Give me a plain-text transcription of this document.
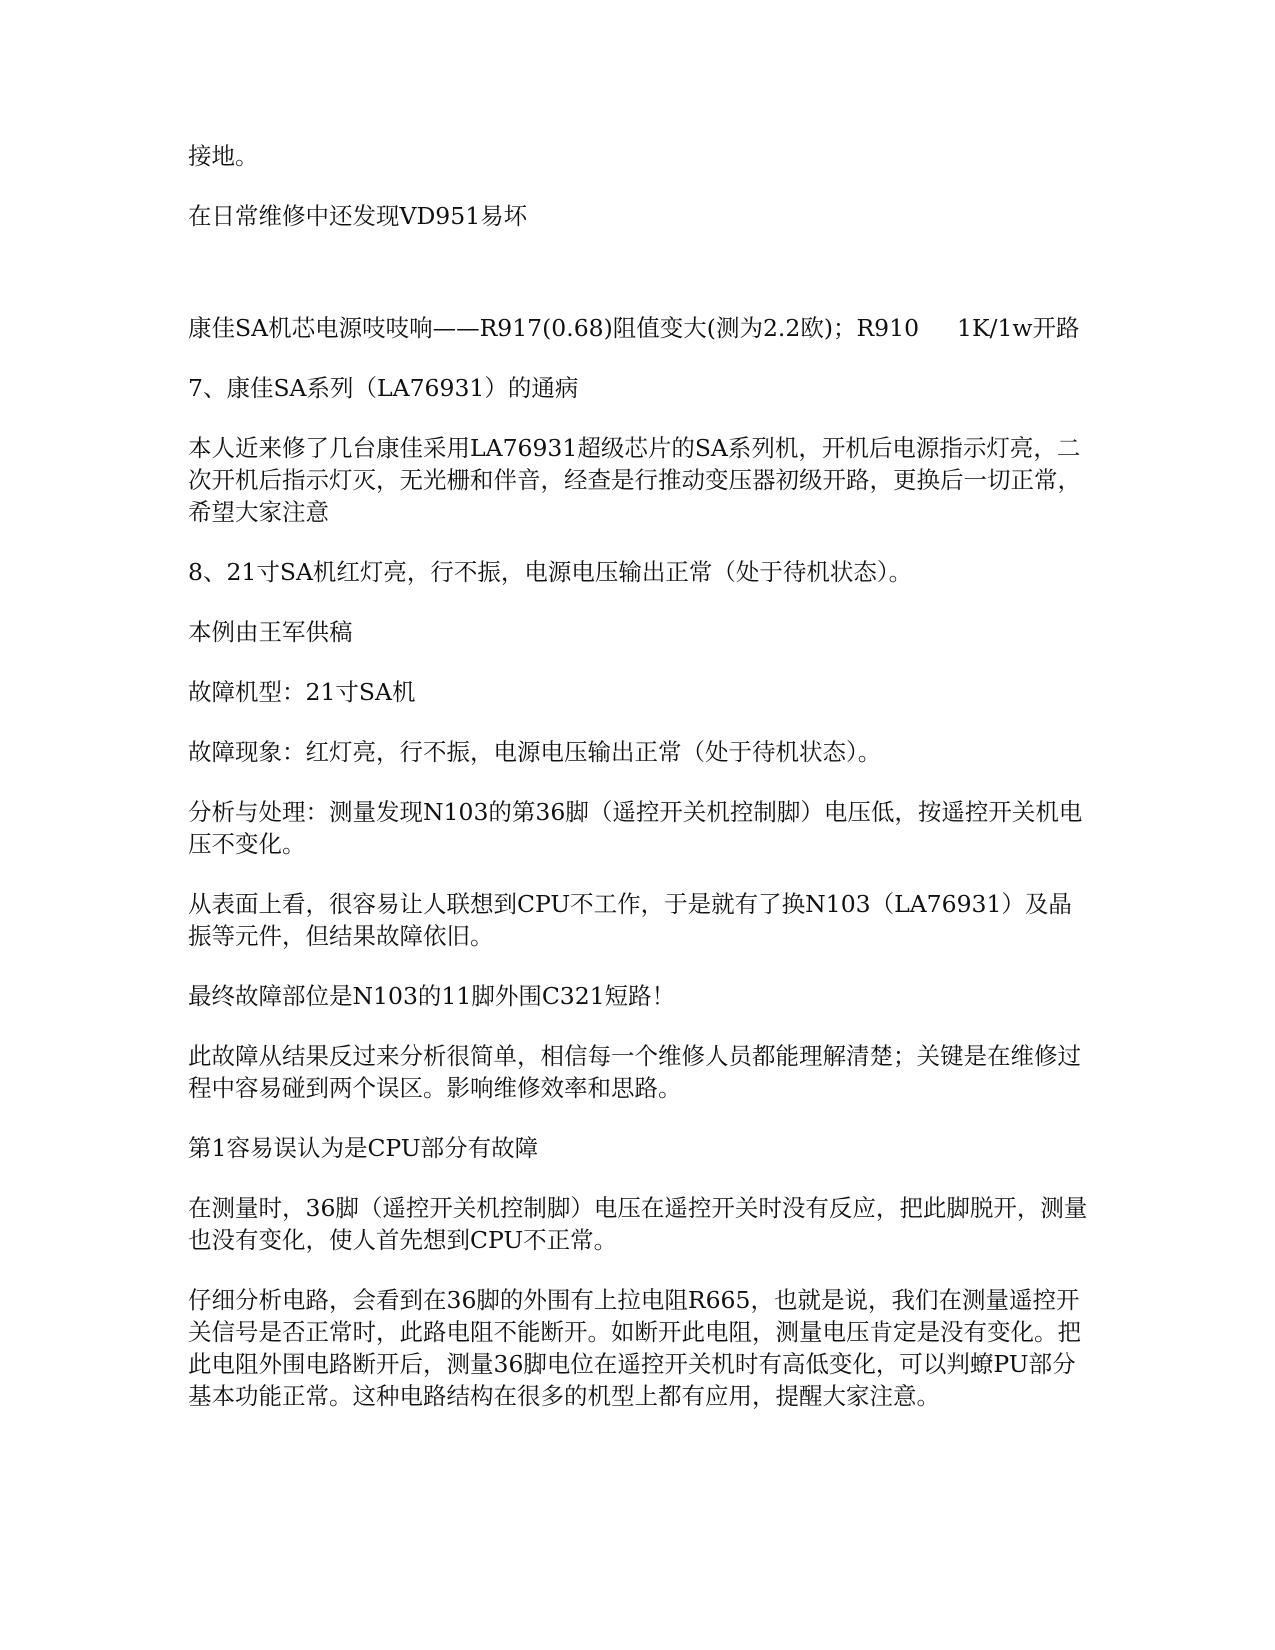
接地。

在日常维修中还发现VD951易坏

康佳SA机芯电源吱吱响——R917(0.68)阻值变大(测为2.2欧)；R910 1K/1w开路

7、康佳SA系列（LA76931）的通病

本人近来修了几台康佳采用LA76931超级芯片的SA系列机，开机后电源指示灯亮，二次开机后指示灯灭，无光栅和伴音，经查是行推动变压器初级开路，更换后一切正常，希望大家注意

8、21寸SA机红灯亮，行不振，电源电压输出正常（处于待机状态）。

本例由王军供稿

故障机型：21寸SA机

故障现象：红灯亮，行不振，电源电压输出正常（处于待机状态）。

分析与处理：测量发现N103的第36脚（遥控开关机控制脚）电压低，按遥控开关机电压不变化。

从表面上看，很容易让人联想到CPU不工作，于是就有了换N103（LA76931）及晶振等元件，但结果故障依旧。

最终故障部位是N103的11脚外围C321短路！

此故障从结果反过来分析很简单，相信每一个维修人员都能理解清楚；关键是在维修过程中容易碰到两个误区。影响维修效率和思路。

第1容易误认为是CPU部分有故障

在测量时，36脚（遥控开关机控制脚）电压在遥控开关时没有反应，把此脚脱开，测量也没有变化，使人首先想到CPU不正常。

仔细分析电路，会看到在36脚的外围有上拉电阻R665，也就是说，我们在测量遥控开关信号是否正常时，此路电阻不能断开。如断开此电阻，测量电压肯定是没有变化。把此电阻外围电路断开后，测量36脚电位在遥控开关机时有高低变化，可以判蟟PU部分基本功能正常。这种电路结构在很多的机型上都有应用，提醒大家注意。
